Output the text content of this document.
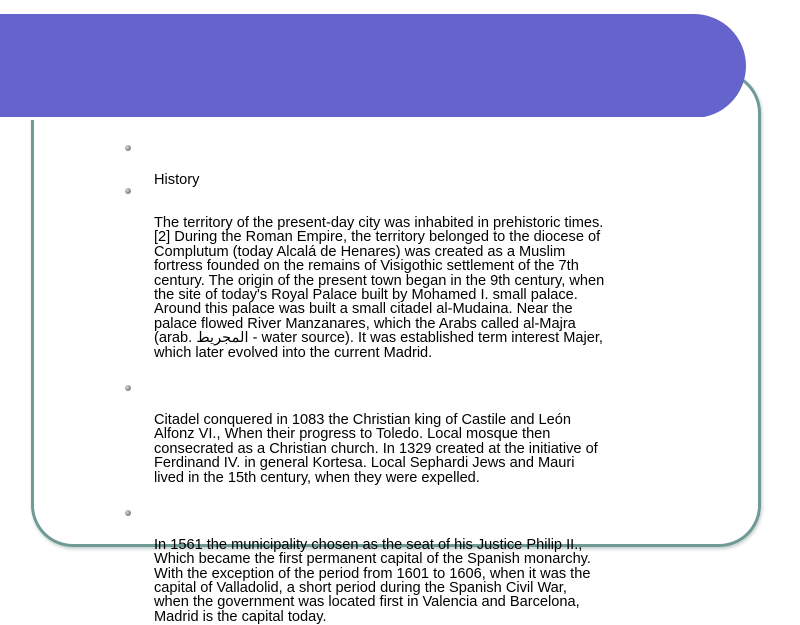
History

The territory of the present-day city was inhabited in prehistoric times.
[2] During the Roman Empire, the territory belonged to the diocese of
Complutum (today Alcalá de Henares) was created as a Muslim
fortress founded on the remains of Visigothic settlement of the 7th
century. The origin of the present town began in the 9th century, when
the site of today's Royal Palace built by Mohamed I. small palace.
Around this palace was built a small citadel al-Mudaina. Near the
palace flowed River Manzanares, which the Arabs called al-Majra
(arab. المجريط - water source). It was established term interest Majer,
which later evolved into the current Madrid.

Citadel conquered in 1083 the Christian king of Castile and León
Alfonz VI., When their progress to Toledo. Local mosque then
consecrated as a Christian church. In 1329 created at the initiative of
Ferdinand IV. in general Kortesa. Local Sephardi Jews and Mauri
lived in the 15th century, when they were expelled.

In 1561 the municipality chosen as the seat of his Justice Philip II.,
Which became the first permanent capital of the Spanish monarchy.
With the exception of the period from 1601 to 1606, when it was the
capital of Valladolid, a short period during the Spanish Civil War,
when the government was located first in Valencia and Barcelona,
Madrid is the capital today.
